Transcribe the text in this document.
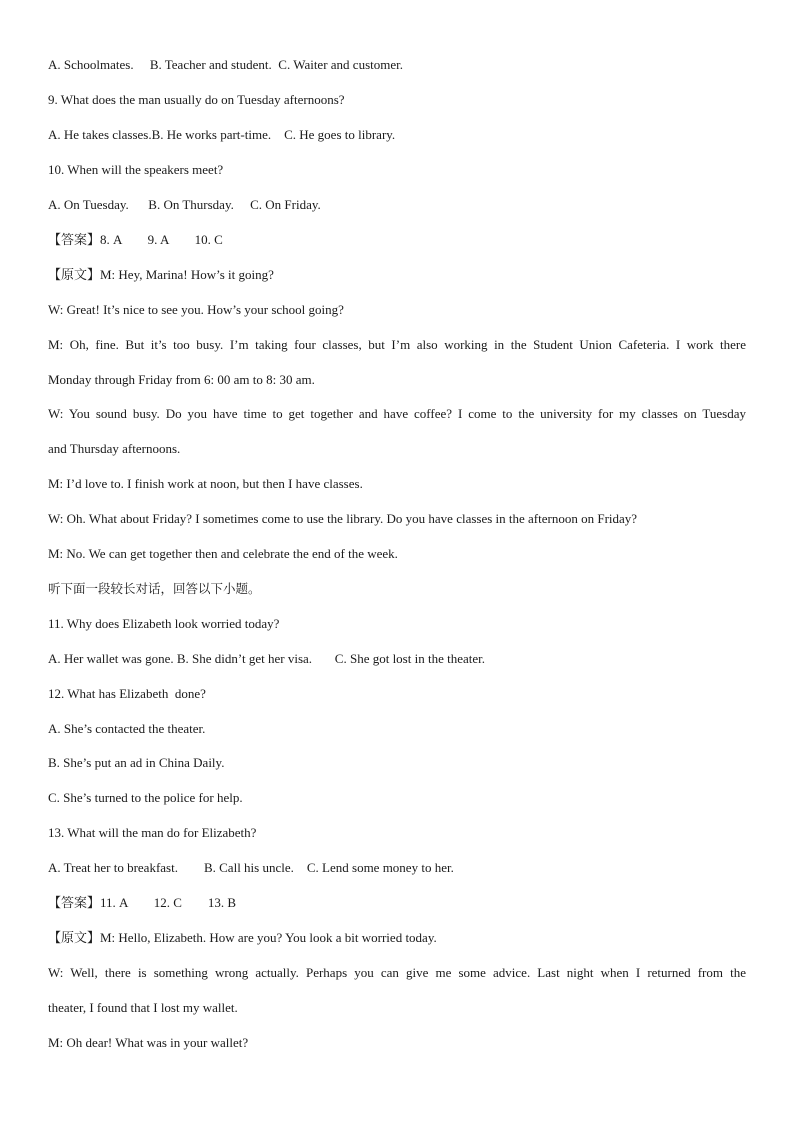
A. Schoolmates.     B. Teacher and student.  C. Waiter and customer.
9. What does the man usually do on Tuesday afternoons?
A. He takes classes.B. He works part-time.    C. He goes to library.
10. When will the speakers meet?
A. On Tuesday.      B. On Thursday.     C. On Friday.
【答案】8. A        9. A        10. C
【原文】M: Hey, Marina! How’s it going?
W: Great! It’s nice to see you. How’s your school going?
M: Oh, fine. But it’s too busy. I’m taking four classes, but I’m also working in the Student Union Cafeteria. I work there
Monday through Friday from 6: 00 am to 8: 30 am.
W: You sound busy. Do you have time to get together and have coffee? I come to the university for my classes on Tuesday
and Thursday afternoons.
M: I’d love to. I finish work at noon, but then I have classes.
W: Oh. What about Friday? I sometimes come to use the library. Do you have classes in the afternoon on Friday?
M: No. We can get together then and celebrate the end of the week.
听下面一段较长对话，回答以下小题。
11. Why does Elizabeth look worried today?
A. Her wallet was gone. B. She didn’t get her visa.       C. She got lost in the theater.
12. What has Elizabeth  done?
A. She’s contacted the theater.
B. She’s put an ad in China Daily.
C. She’s turned to the police for help.
13. What will the man do for Elizabeth?
A. Treat her to breakfast.        B. Call his uncle.    C. Lend some money to her.
【答案】11. A        12. C        13. B
【原文】M: Hello, Elizabeth. How are you? You look a bit worried today.
W: Well, there is something wrong actually. Perhaps you can give me some advice. Last night when I returned from the
theater, I found that I lost my wallet.
M: Oh dear! What was in your wallet?
